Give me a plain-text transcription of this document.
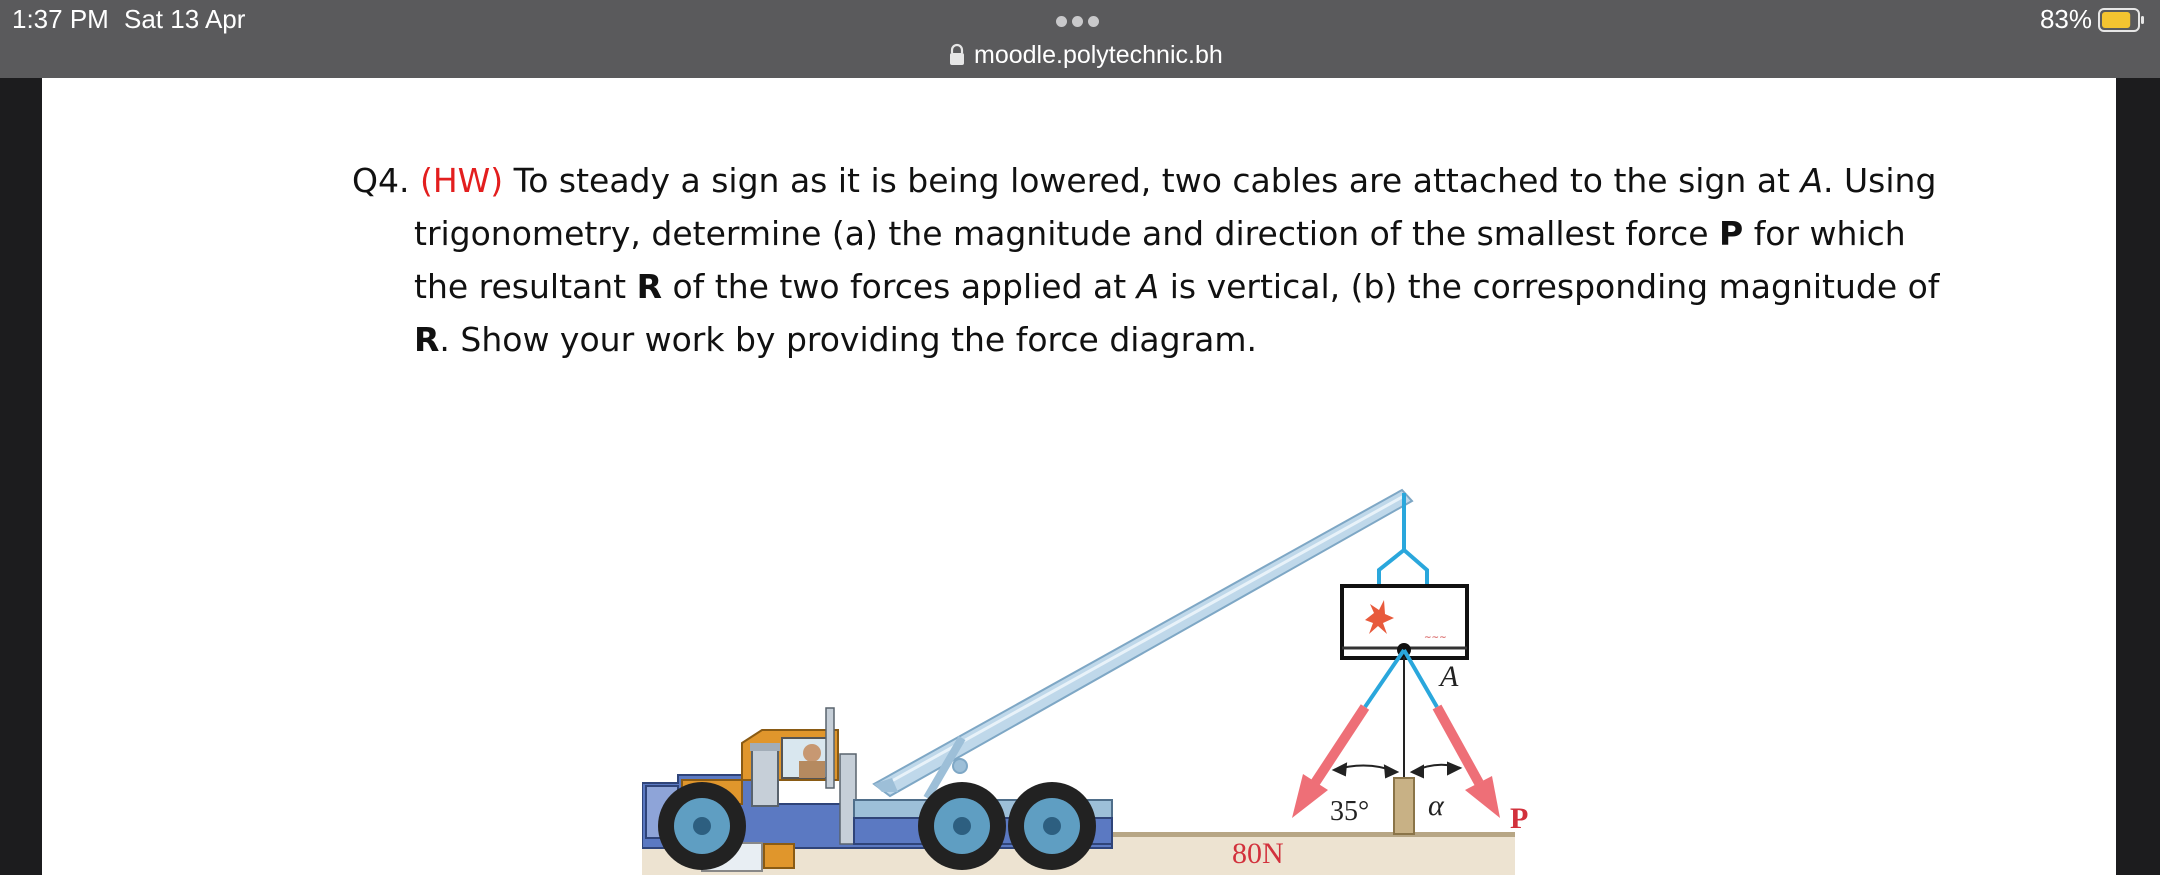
1:37 PM Sat 13 Apr
moodle.polytechnic.bh
83%
Q4. (HW) To steady a sign as it is being lowered, two cables are attached to the sign at A. Using
trigonometry, determine (a) the magnitude and direction of the smallest force P for which
the resultant R of the two forces applied at A is vertical, (b) the corresponding magnitude of
R. Show your work by providing the force diagram.
~~~
A
35° α
80N
P
